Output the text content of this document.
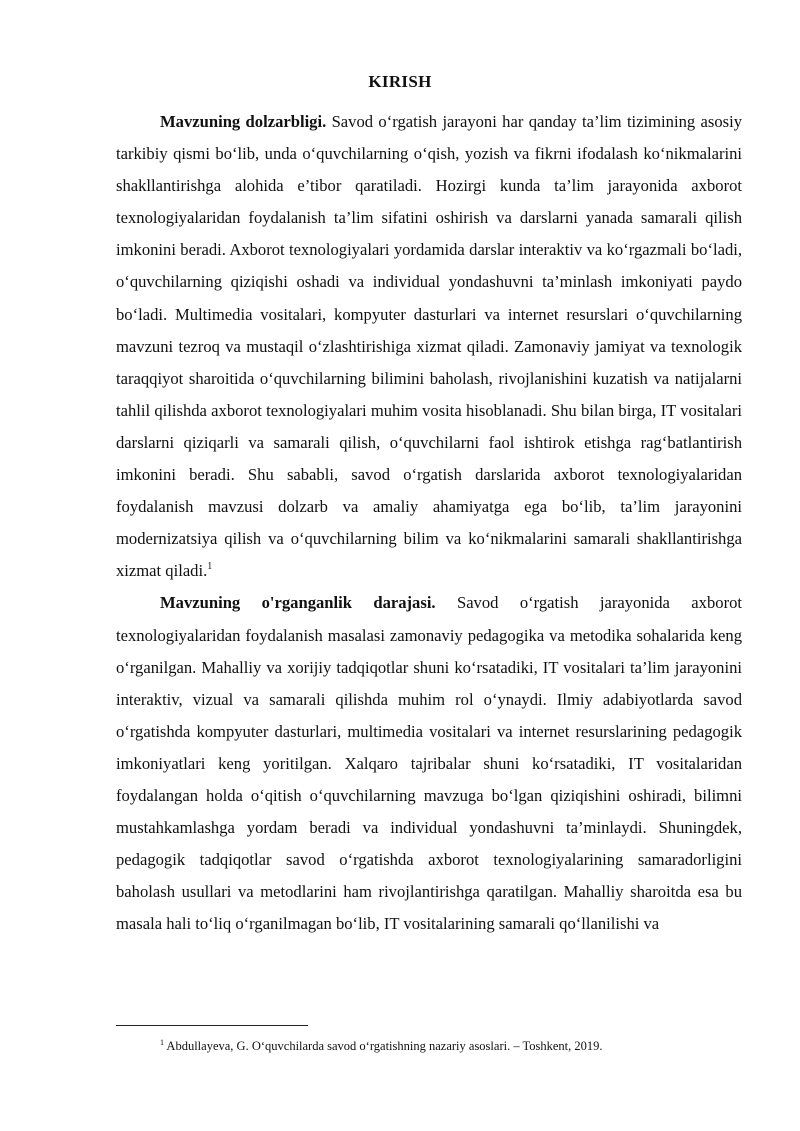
KIRISH

Mavzuning dolzarbligi. Savod o‘rgatish jarayoni har qanday ta’lim tizimining asosiy tarkibiy qismi bo‘lib, unda o‘quvchilarning o‘qish, yozish va fikrni ifodalash ko‘nikmalarini shakllantirishga alohida e’tibor qaratiladi. Hozirgi kunda ta’lim jarayonida axborot texnologiyalaridan foydalanish ta’lim sifatini oshirish va darslarni yanada samarali qilish imkonini beradi. Axborot texnologiyalari yordamida darslar interaktiv va ko‘rgazmali bo‘ladi, o‘quvchilarning qiziqishi oshadi va individual yondashuvni ta’minlash imkoniyati paydo bo‘ladi. Multimedia vositalari, kompyuter dasturlari va internet resurslari o‘quvchilarning mavzuni tezroq va mustaqil o‘zlashtirishiga xizmat qiladi. Zamonaviy jamiyat va texnologik taraqqiyot sharoitida o‘quvchilarning bilimini baholash, rivojlanishini kuzatish va natijalarni tahlil qilishda axborot texnologiyalari muhim vosita hisoblanadi. Shu bilan birga, IT vositalari darslarni qiziqarli va samarali qilish, o‘quvchilarni faol ishtirok etishga rag‘batlantirish imkonini beradi. Shu sababli, savod o‘rgatish darslarida axborot texnologiyalaridan foydalanish mavzusi dolzarb va amaliy ahamiyatga ega bo‘lib, ta’lim jarayonini modernizatsiya qilish va o‘quvchilarning bilim va ko‘nikmalarini samarali shakllantirishga xizmat qiladi.$^1$

Mavzuning o'rganganlik darajasi. Savod o‘rgatish jarayonida axborot texnologiyalaridan foydalanish masalasi zamonaviy pedagogika va metodika sohalarida keng o‘rganilgan. Mahalliy va xorijiy tadqiqotlar shuni ko‘rsatadiki, IT vositalari ta’lim jarayonini interaktiv, vizual va samarali qilishda muhim rol o‘ynaydi. Ilmiy adabiyotlarda savod o‘rgatishda kompyuter dasturlari, multimedia vositalari va internet resurslarining pedagogik imkoniyatlari keng yoritilgan. Xalqaro tajribalar shuni ko‘rsatadiki, IT vositalaridan foydalangan holda o‘qitish o‘quvchilarning mavzuga bo‘lgan qiziqishini oshiradi, bilimni mustahkamlashga yordam beradi va individual yondashuvni ta’minlaydi. Shuningdek, pedagogik tadqiqotlar savod o‘rgatishda axborot texnologiyalarining samaradorligini baholash usullari va metodlarini ham rivojlantirishga qaratilgan. Mahalliy sharoitda esa bu masala hali to‘liq o‘rganilmagan bo‘lib, IT vositalarining samarali qo‘llanilishi va

$^1$ Abdullayeva, G. O‘quvchilarda savod o‘rgatishning nazariy asoslari. – Toshkent, 2019.
